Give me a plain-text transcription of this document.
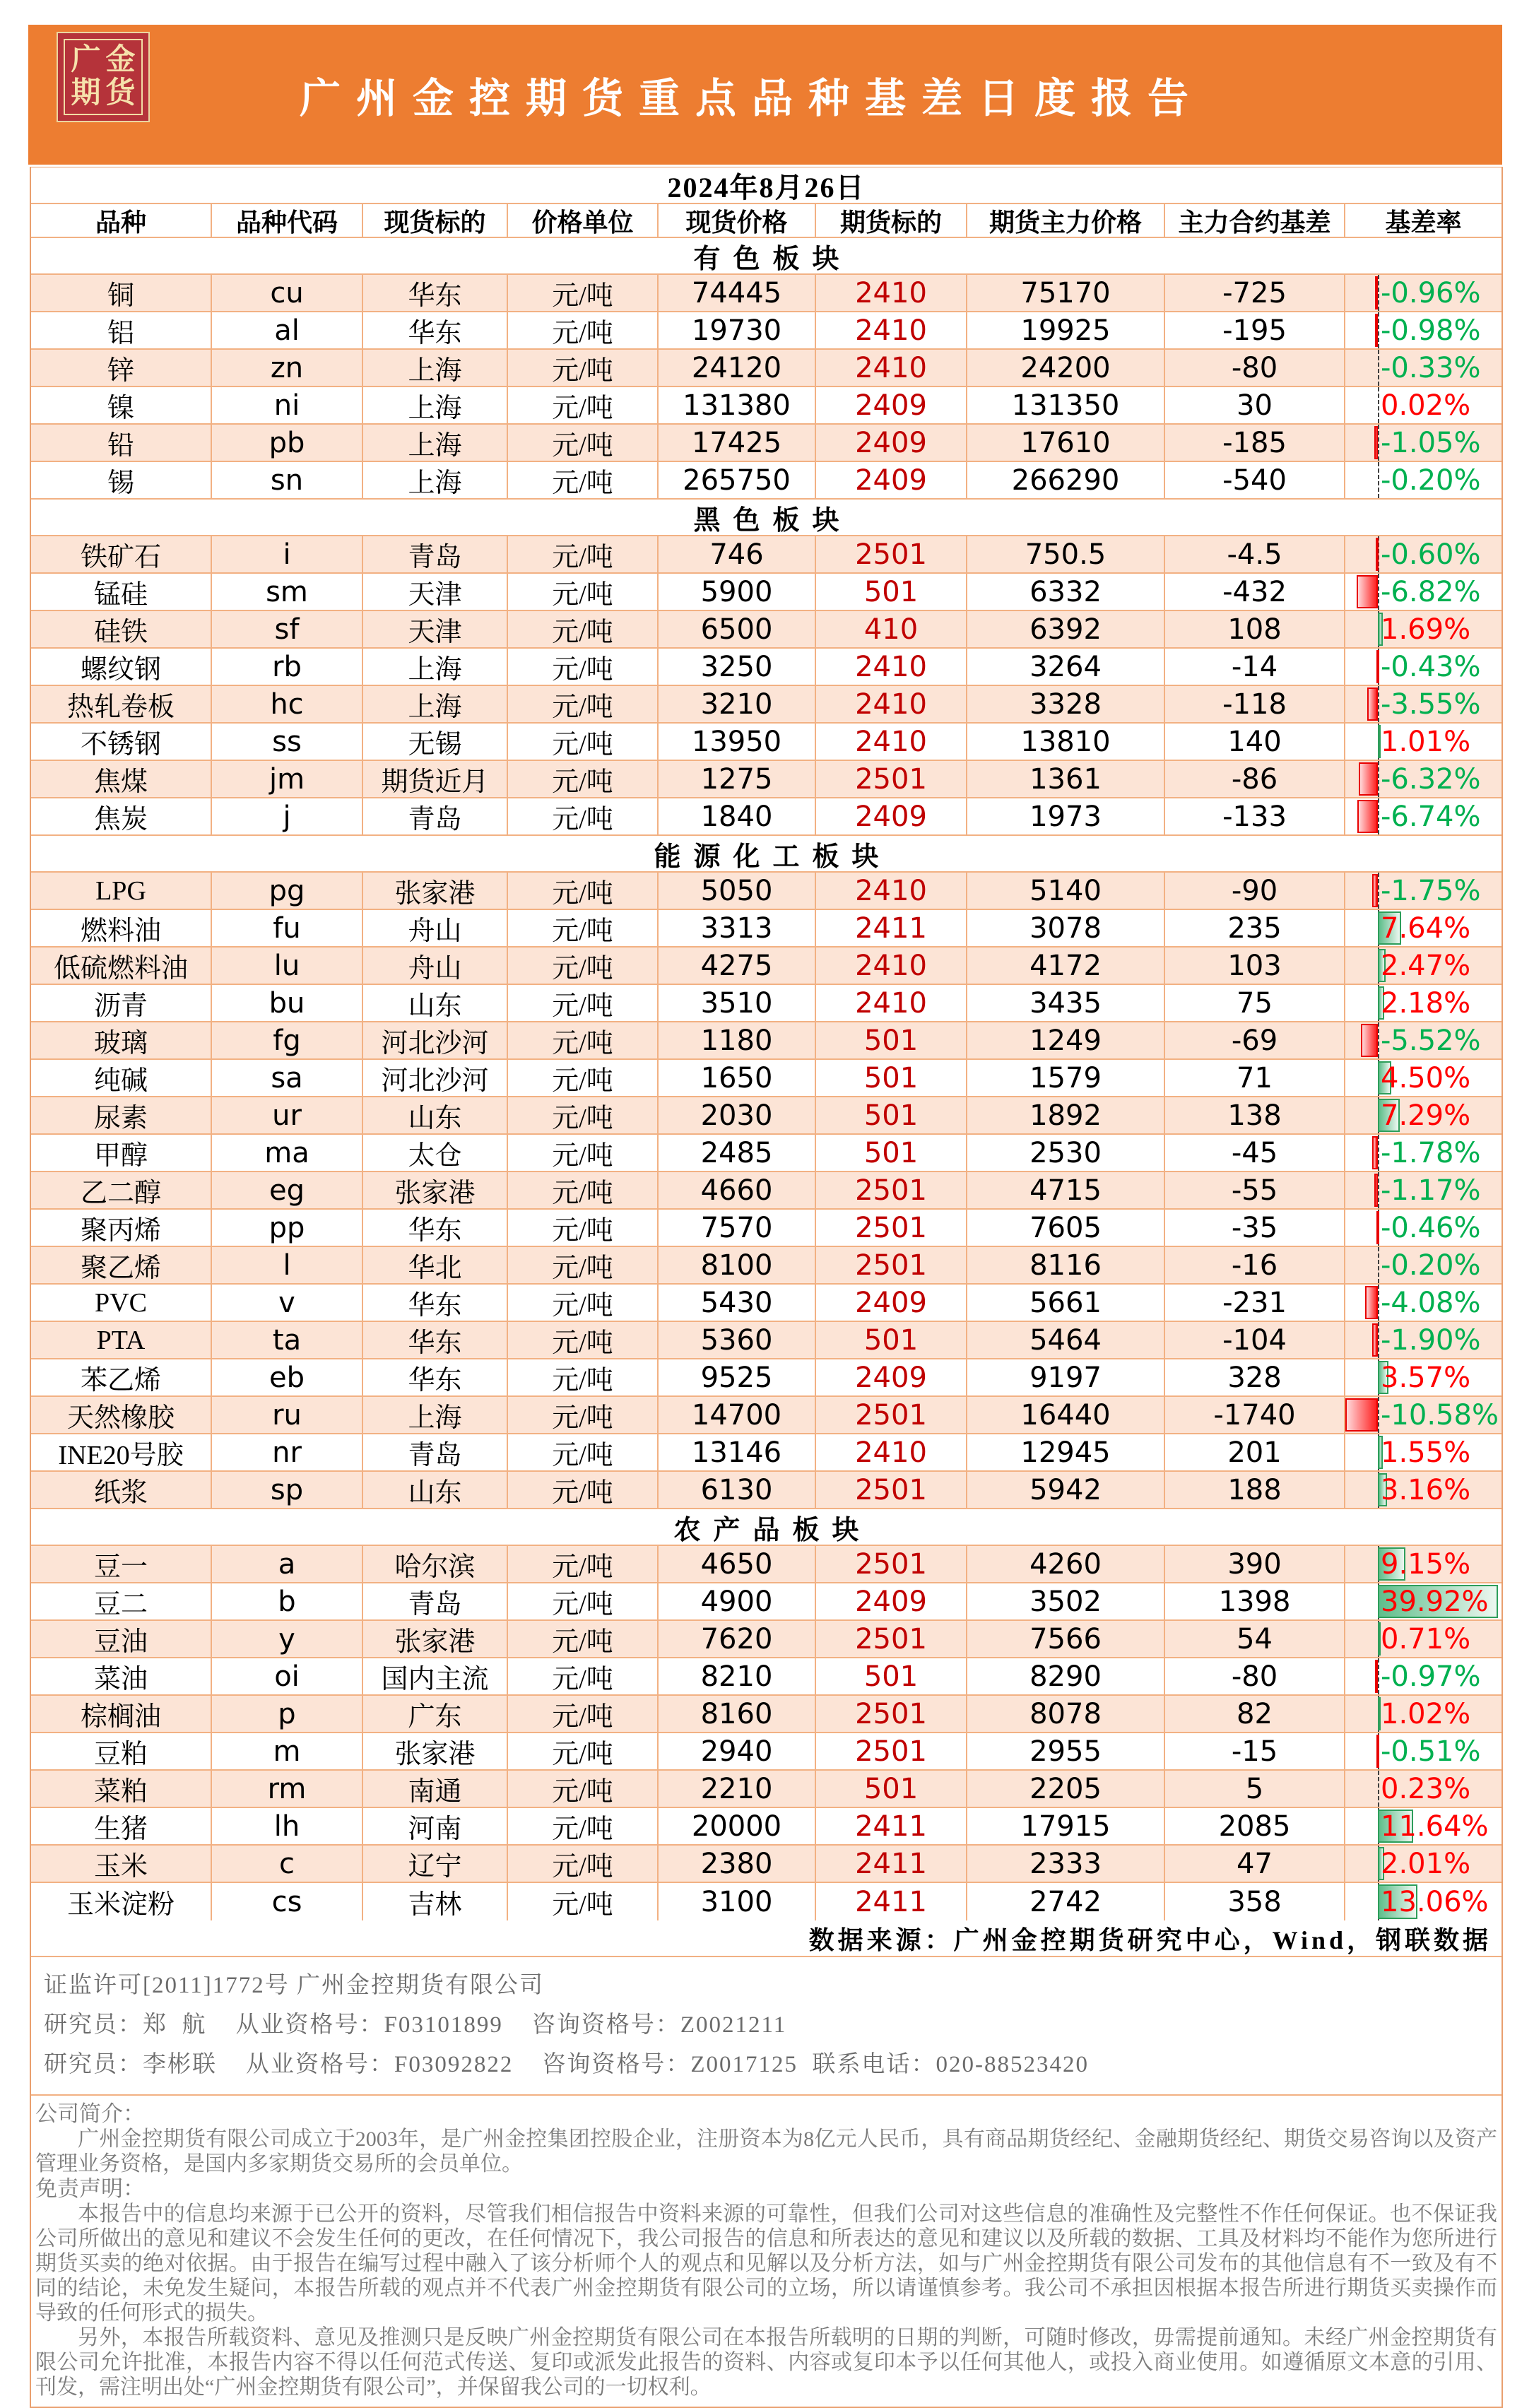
广州金控期货重点品种基差日度报告
广金
期货
2024年8月26日
品种	品种代码	现货标的	价格单位	现货价格	期货标的	期货主力价格	主力合约基差	基差率
有色板块
铜	cu	华东	元/吨	74445	2410	75170	-725	-0.96%
铝	al	华东	元/吨	19730	2410	19925	-195	-0.98%
锌	zn	上海	元/吨	24120	2410	24200	-80	-0.33%
镍	ni	上海	元/吨	131380	2409	131350	30	0.02%
铅	pb	上海	元/吨	17425	2409	17610	-185	-1.05%
锡	sn	上海	元/吨	265750	2409	266290	-540	-0.20%
黑色板块
铁矿石	i	青岛	元/吨	746	2501	750.5	-4.5	-0.60%
锰硅	sm	天津	元/吨	5900	501	6332	-432	-6.82%
硅铁	sf	天津	元/吨	6500	410	6392	108	1.69%
螺纹钢	rb	上海	元/吨	3250	2410	3264	-14	-0.43%
热轧卷板	hc	上海	元/吨	3210	2410	3328	-118	-3.55%
不锈钢	ss	无锡	元/吨	13950	2410	13810	140	1.01%
焦煤	jm	期货近月	元/吨	1275	2501	1361	-86	-6.32%
焦炭	j	青岛	元/吨	1840	2409	1973	-133	-6.74%
能源化工板块
LPG	pg	张家港	元/吨	5050	2410	5140	-90	-1.75%
燃料油	fu	舟山	元/吨	3313	2411	3078	235	7.64%
低硫燃料油	lu	舟山	元/吨	4275	2410	4172	103	2.47%
沥青	bu	山东	元/吨	3510	2410	3435	75	2.18%
玻璃	fg	河北沙河	元/吨	1180	501	1249	-69	-5.52%
纯碱	sa	河北沙河	元/吨	1650	501	1579	71	4.50%
尿素	ur	山东	元/吨	2030	501	1892	138	7.29%
甲醇	ma	太仓	元/吨	2485	501	2530	-45	-1.78%
乙二醇	eg	张家港	元/吨	4660	2501	4715	-55	-1.17%
聚丙烯	pp	华东	元/吨	7570	2501	7605	-35	-0.46%
聚乙烯	l	华北	元/吨	8100	2501	8116	-16	-0.20%
PVC	v	华东	元/吨	5430	2409	5661	-231	-4.08%
PTA	ta	华东	元/吨	5360	501	5464	-104	-1.90%
苯乙烯	eb	华东	元/吨	9525	2409	9197	328	3.57%
天然橡胶	ru	上海	元/吨	14700	2501	16440	-1740	-10.58%
INE20号胶	nr	青岛	元/吨	13146	2410	12945	201	1.55%
纸浆	sp	山东	元/吨	6130	2501	5942	188	3.16%
农产品板块
豆一	a	哈尔滨	元/吨	4650	2501	4260	390	9.15%
豆二	b	青岛	元/吨	4900	2409	3502	1398	39.92%
豆油	y	张家港	元/吨	7620	2501	7566	54	0.71%
菜油	oi	国内主流	元/吨	8210	501	8290	-80	-0.97%
棕榈油	p	广东	元/吨	8160	2501	8078	82	1.02%
豆粕	m	张家港	元/吨	2940	2501	2955	-15	-0.51%
菜粕	rm	南通	元/吨	2210	501	2205	5	0.23%
生猪	lh	河南	元/吨	20000	2411	17915	2085	11.64%
玉米	c	辽宁	元/吨	2380	2411	2333	47	2.01%
玉米淀粉	cs	吉林	元/吨	3100	2411	2742	358	13.06%
数据来源：广州金控期货研究中心，Wind，钢联数据
证监许可[2011]1772号 广州金控期货有限公司
研究员：郑  航    从业资格号：F03101899    咨询资格号：Z0021211
研究员：李彬联    从业资格号：F03092822    咨询资格号：Z0017125  联系电话：020-88523420
公司简介：

广州金控期货有限公司成立于2003年，是广州金控集团控股企业，注册资本为8亿元人民币，具有商品期货经纪、金融期货经纪、期货交易咨询以及资产管理业务资格，是国内多家期货交易所的会员单位。

免责声明：

本报告中的信息均来源于已公开的资料，尽管我们相信报告中资料来源的可靠性，但我们公司对这些信息的准确性及完整性不作任何保证。也不保证我公司所做出的意见和建议不会发生任何的更改，在任何情况下，我公司报告的信息和所表达的意见和建议以及所载的数据、工具及材料均不能作为您所进行期货买卖的绝对依据。由于报告在编写过程中融入了该分析师个人的观点和见解以及分析方法，如与广州金控期货有限公司发布的其他信息有不一致及有不同的结论，未免发生疑问，本报告所载的观点并不代表广州金控期货有限公司的立场，所以请谨慎参考。我公司不承担因根据本报告所进行期货买卖操作而导致的任何形式的损失。

另外，本报告所载资料、意见及推测只是反映广州金控期货有限公司在本报告所载明的日期的判断，可随时修改，毋需提前通知。未经广州金控期货有限公司允许批准，本报告内容不得以任何范式传送、复印或派发此报告的资料、内容或复印本予以任何其他人，或投入商业使用。如遵循原文本意的引用、刊发，需注明出处“广州金控期货有限公司”，并保留我公司的一切权利。
